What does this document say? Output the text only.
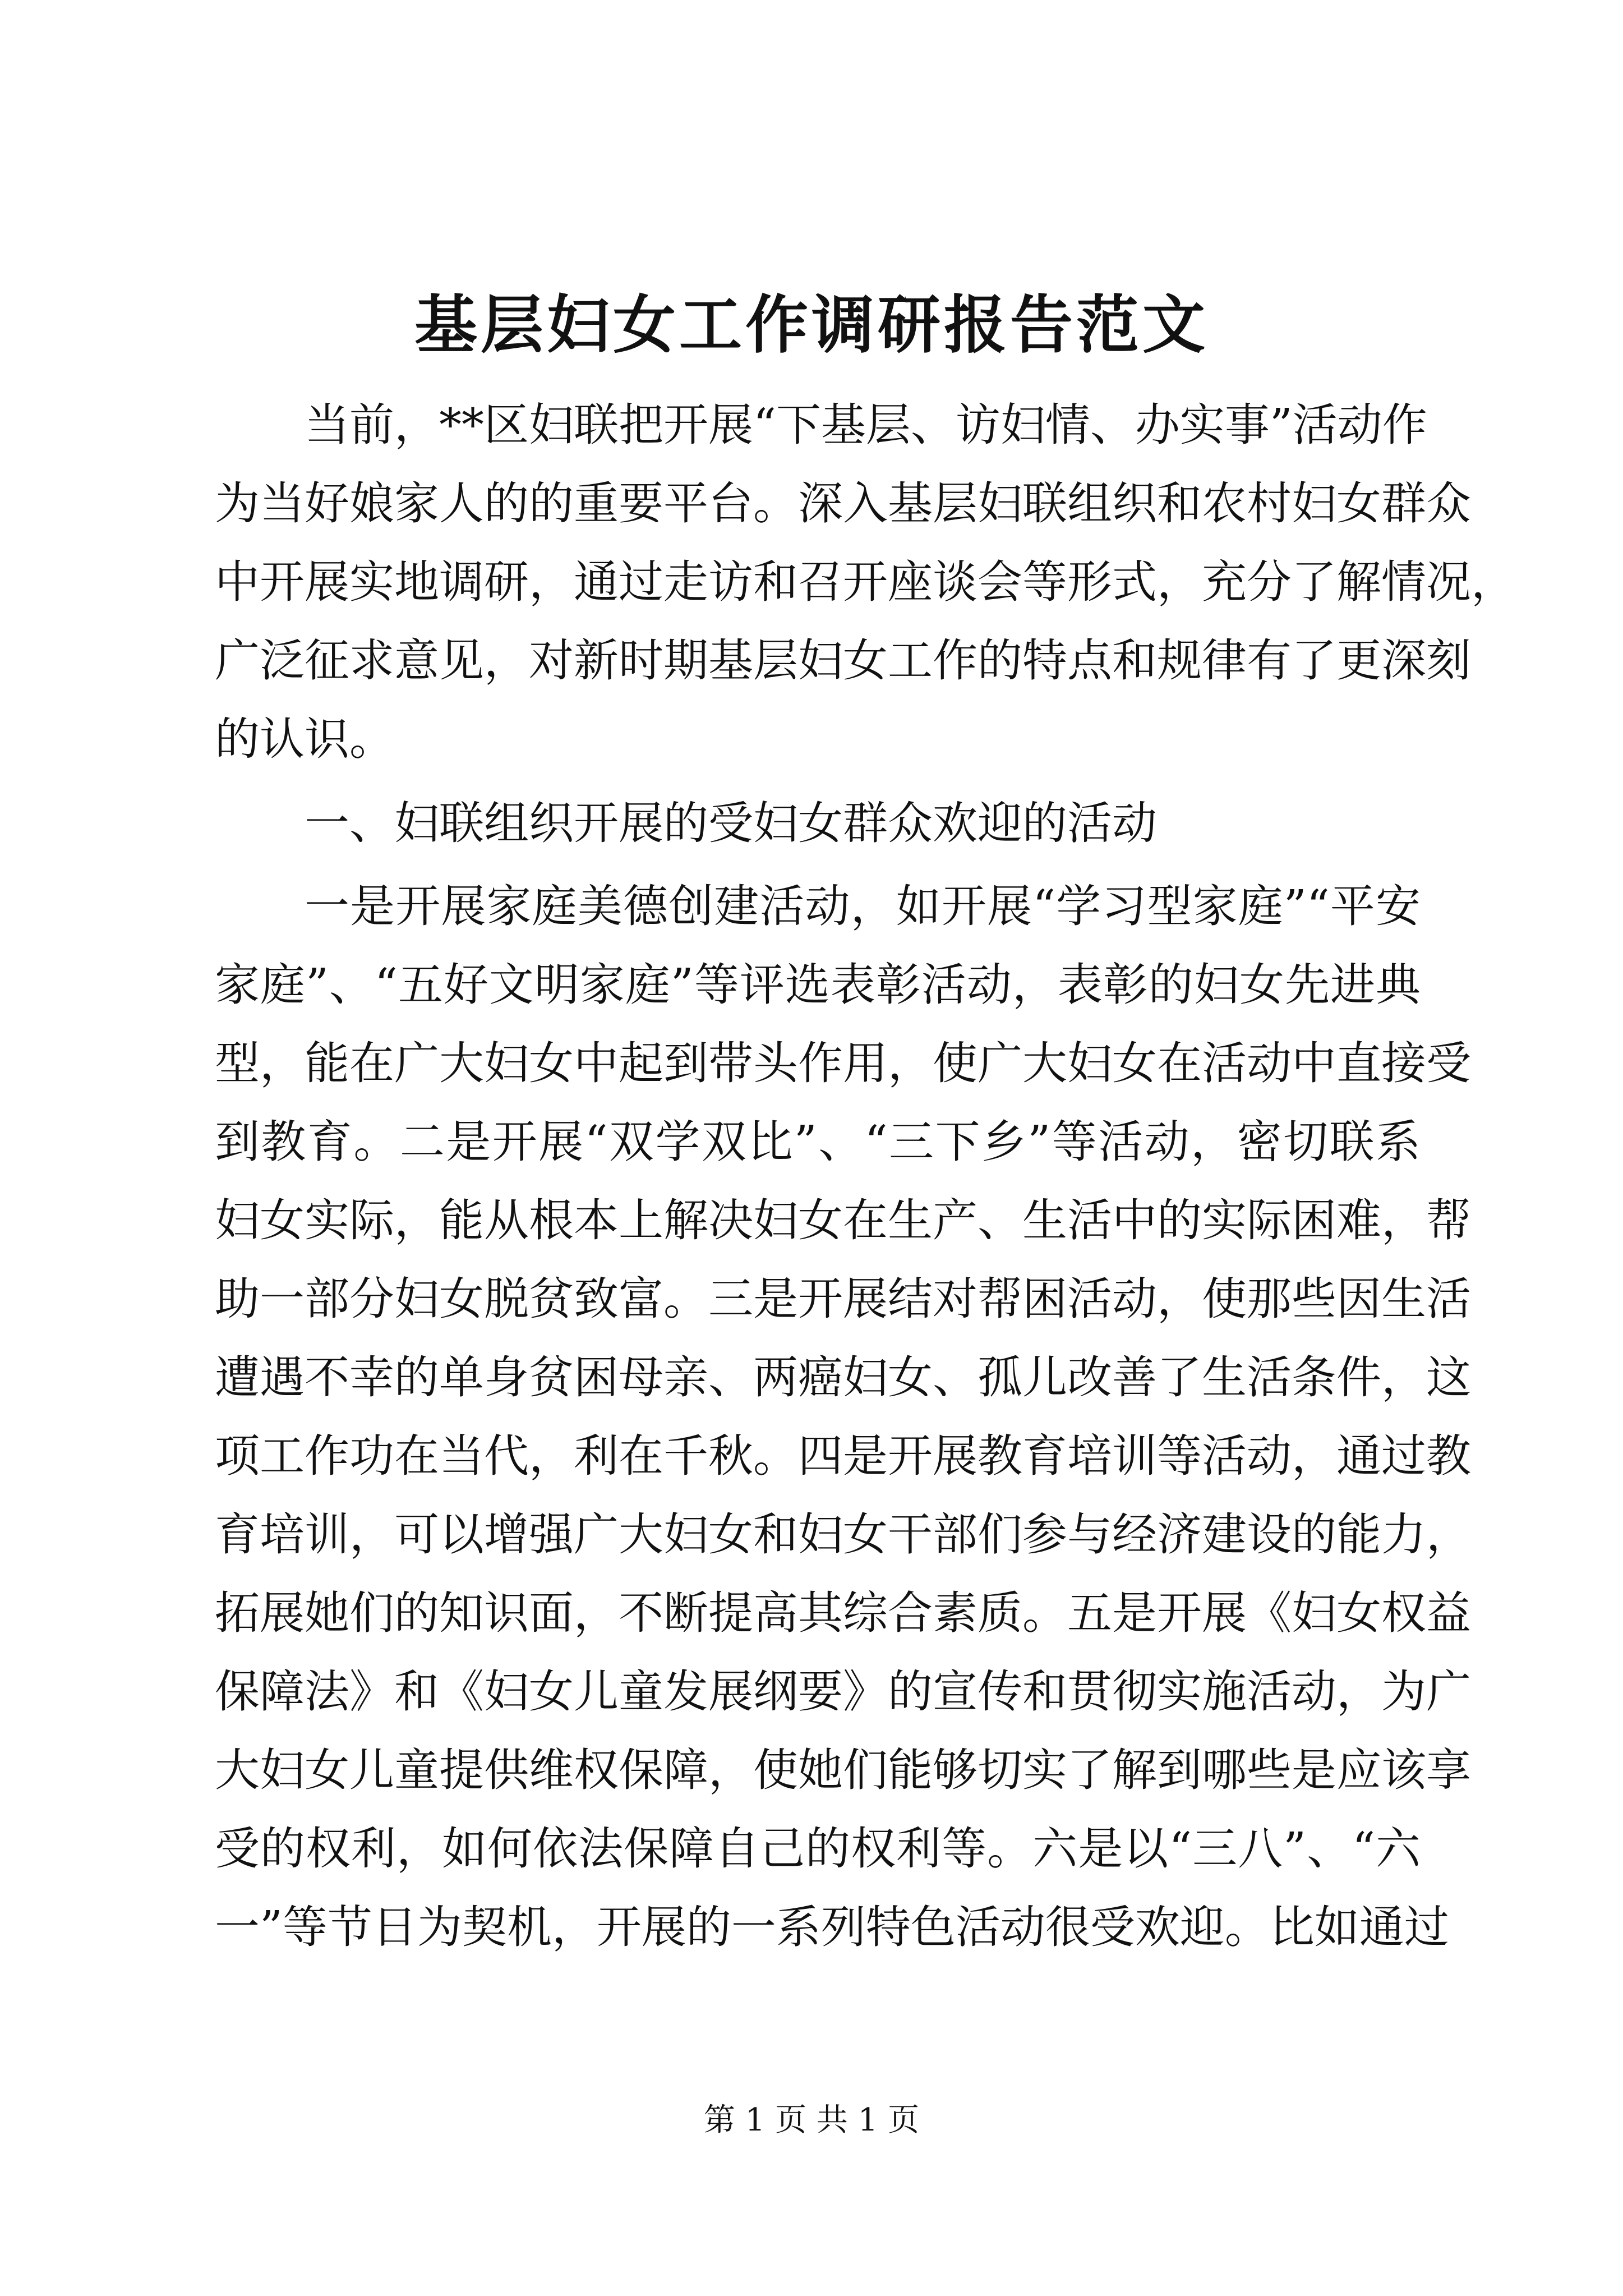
基层妇女工作调研报告范文
当前，**区妇联把开展“下基层、访妇情、办实事”活动作
为当好娘家人的的重要平台。深入基层妇联组织和农村妇女群众
中开展实地调研，通过走访和召开座谈会等形式，充分了解情况，
广泛征求意见，对新时期基层妇女工作的特点和规律有了更深刻
的认识。
一、妇联组织开展的受妇女群众欢迎的活动
一是开展家庭美德创建活动，如开展“学习型家庭”“平安
家庭”、“五好文明家庭”等评选表彰活动，表彰的妇女先进典
型，能在广大妇女中起到带头作用，使广大妇女在活动中直接受
到教育。二是开展“双学双比”、“三下乡”等活动，密切联系
妇女实际，能从根本上解决妇女在生产、生活中的实际困难，帮
助一部分妇女脱贫致富。三是开展结对帮困活动，使那些因生活
遭遇不幸的单身贫困母亲、两癌妇女、孤儿改善了生活条件，这
项工作功在当代，利在千秋。四是开展教育培训等活动，通过教
育培训，可以增强广大妇女和妇女干部们参与经济建设的能力，
拓展她们的知识面，不断提高其综合素质。五是开展《妇女权益
保障法》和《妇女儿童发展纲要》的宣传和贯彻实施活动，为广
大妇女儿童提供维权保障，使她们能够切实了解到哪些是应该享
受的权利，如何依法保障自己的权利等。六是以“三八”、“六
一”等节日为契机，开展的一系列特色活动很受欢迎。比如通过
第 1 页 共 1 页
